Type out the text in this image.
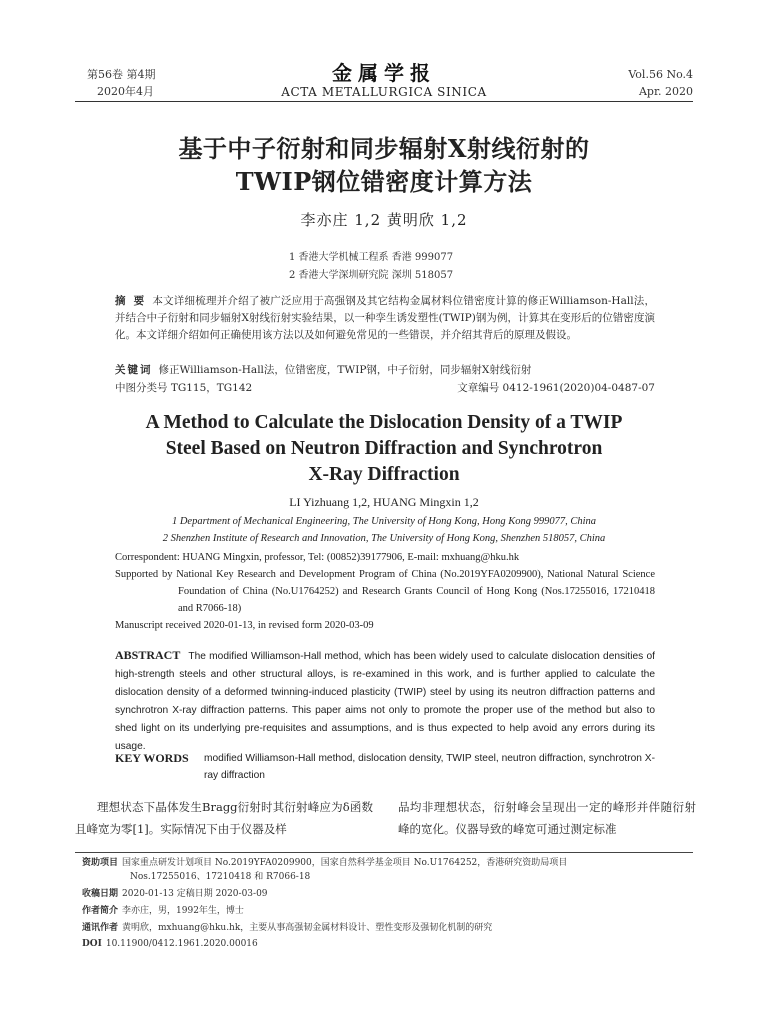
第56卷 第4期
2020年4月
金属学报
ACTA METALLURGICA SINICA
Vol.56 No.4
Apr. 2020
基于中子衍射和同步辐射X射线衍射的
TWIP钢位错密度计算方法
李亦庄 1,2 黄明欣 1,2
1 香港大学机械工程系 香港 999077
2 香港大学深圳研究院 深圳 518057
摘 要 本文详细梳理并介绍了被广泛应用于高强钢及其它结构金属材料位错密度计算的修正Williamson-Hall法，并结合中子衍射和同步辐射X射线衍射实验结果，以一种孪生诱发塑性(TWIP)钢为例，计算其在变形后的位错密度演化。本文详细介绍如何正确使用该方法以及如何避免常见的一些错误，并介绍其背后的原理及假设。
关键词 修正Williamson-Hall法，位错密度，TWIP钢，中子衍射，同步辐射X射线衍射
中图分类号 TG115，TG142	文章编号 0412-1961(2020)04-0487-07
A Method to Calculate the Dislocation Density of a TWIP
Steel Based on Neutron Diffraction and Synchrotron
X-Ray Diffraction
LI Yizhuang 1,2, HUANG Mingxin 1,2
1 Department of Mechanical Engineering, The University of Hong Kong, Hong Kong 999077, China
2 Shenzhen Institute of Research and Innovation, The University of Hong Kong, Shenzhen 518057, China
Correspondent: HUANG Mingxin, professor, Tel: (00852)39177906, E-mail: mxhuang@hku.hk
Supported by National Key Research and Development Program of China (No.2019YFA0209900), National Natural Science Foundation of China (No.U1764252) and Research Grants Council of Hong Kong (Nos.17255016, 17210418 and R7066-18)
Manuscript received 2020-01-13, in revised form 2020-03-09
ABSTRACT The modified Williamson-Hall method, which has been widely used to calculate dislocation densities of high-strength steels and other structural alloys, is re-examined in this work, and is further applied to calculate the dislocation density of a deformed twinning-induced plasticity (TWIP) steel by using its neutron diffraction patterns and synchrotron X-ray diffraction patterns. This paper aims not only to promote the proper use of the method but also to shed light on its underlying pre-requisites and assumptions, and is thus expected to help avoid any errors during its usage.
KEY WORDS	modified Williamson-Hall method, dislocation density, TWIP steel, neutron diffraction, synchrotron X-ray diffraction
理想状态下晶体发生Bragg衍射时其衍射峰应为δ函数且峰宽为零[1]。实际情况下由于仪器及样
品均非理想状态，衍射峰会呈现出一定的峰形并伴随衍射峰的宽化。仪器导致的峰宽可通过测定标准
资助项目 国家重点研发计划项目 No.2019YFA0209900，国家自然科学基金项目 No.U1764252，香港研究资助局项目
Nos.17255016、17210418 和 R7066-18
收稿日期 2020-01-13 定稿日期 2020-03-09
作者简介 李亦庄，男，1992年生，博士
通讯作者 黄明欣，mxhuang@hku.hk，主要从事高强韧金属材料设计、塑性变形及强韧化机制的研究
DOI 10.11900/0412.1961.2020.00016
